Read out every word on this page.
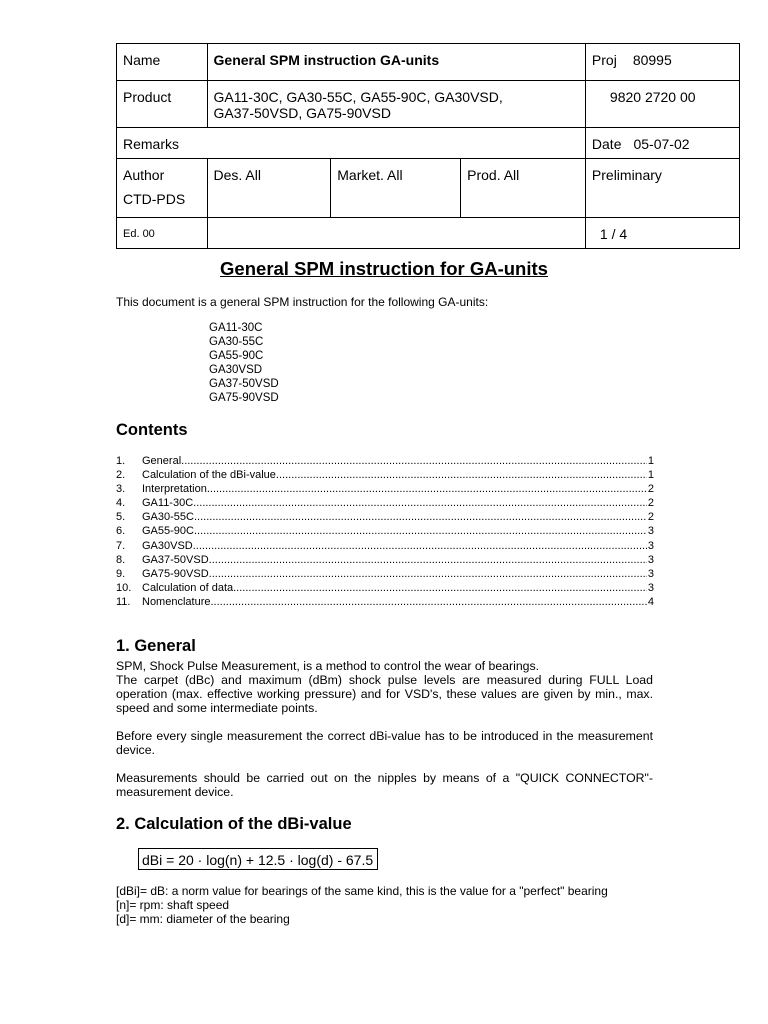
Name	General SPM instruction GA-units			Proj 80995
Product	GA11-30C, GA30-55C, GA55-90C, GA30VSD,
GA37-50VSD, GA75-90VSD			9820 2720 00
Remarks				Date 05-07-02

Author
CTD-PDS	Des. All	Market. All	Prod. All	Preliminary
Ed. 00				1 / 4
General SPM instruction for GA-units
This document is a general SPM instruction for the following GA-units:
GA11-30C
GA30-55C
GA55-90C
GA30VSD
GA37-50VSD
GA75-90VSD
Contents
1.	General .....	1
2.	Calculation of the dBi-value .....	1
3.	Interpretation .....	2
4.	GA11-30C .....	2
5.	GA30-55C .....	2
6.	GA55-90C .....	3
7.	GA30VSD .....	3
8.	GA37-50VSD .....	3
9.	GA75-90VSD .....	3
10. Calculation of data .....	3
11.	Nomenclature .....	4
1. General
SPM, Shock Pulse Measurement, is a method to control the wear of bearings.
The carpet (dBc) and maximum (dBm) shock pulse levels are measured during FULL Load operation (max. effective working pressure) and for VSD's, these values are given by min., max. speed and some intermediate points.
Before every single measurement the correct dBi-value has to be introduced in the measurement device.
Measurements should be carried out on the nipples by means of a "QUICK CONNECTOR"-measurement device.
2. Calculation of the dBi-value
dBi = 20 · log(n) + 12.5 · log(d) - 67.5
[dBi]= dB: a norm value for bearings of the same kind, this is the value for a "perfect" bearing
[n]= rpm: shaft speed
[d]= mm: diameter of the bearing
